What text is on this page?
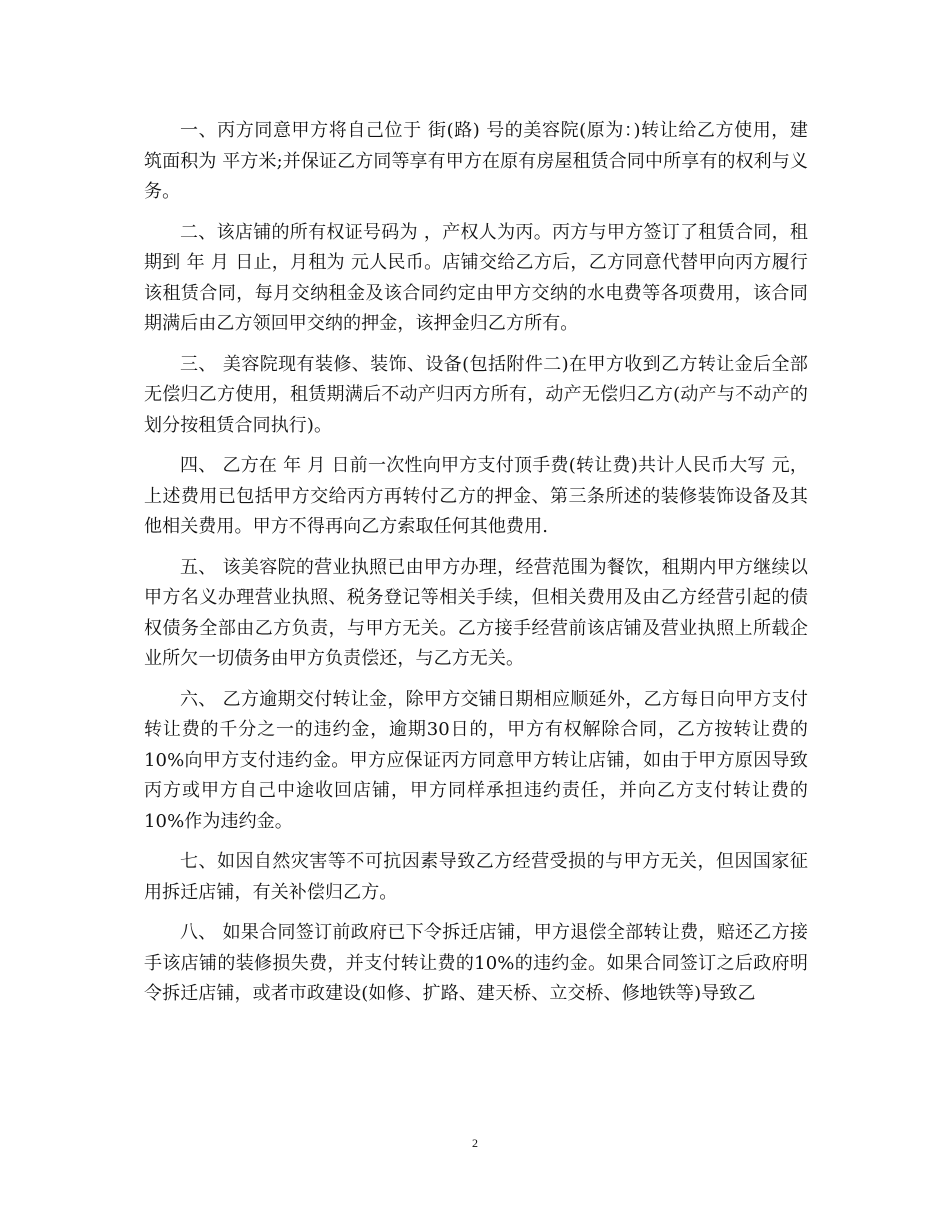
一、丙方同意甲方将自己位于 街(路) 号的美容院(原为：)转让给乙方使用，建筑面积为 平方米;并保证乙方同等享有甲方在原有房屋租赁合同中所享有的权利与义务。

二、该店铺的所有权证号码为 ，产权人为丙。丙方与甲方签订了租赁合同，租期到 年 月 日止，月租为 元人民币。店铺交给乙方后，乙方同意代替甲向丙方履行该租赁合同，每月交纳租金及该合同约定由甲方交纳的水电费等各项费用，该合同期满后由乙方领回甲交纳的押金，该押金归乙方所有。

三、 美容院现有装修、装饰、设备(包括附件二)在甲方收到乙方转让金后全部无偿归乙方使用，租赁期满后不动产归丙方所有，动产无偿归乙方(动产与不动产的划分按租赁合同执行)。

四、 乙方在 年 月 日前一次性向甲方支付顶手费(转让费)共计人民币大写 元，上述费用已包括甲方交给丙方再转付乙方的押金、第三条所述的装修装饰设备及其他相关费用。甲方不得再向乙方索取任何其他费用.

五、 该美容院的营业执照已由甲方办理，经营范围为餐饮，租期内甲方继续以甲方名义办理营业执照、税务登记等相关手续，但相关费用及由乙方经营引起的债权债务全部由乙方负责，与甲方无关。乙方接手经营前该店铺及营业执照上所载企业所欠一切债务由甲方负责偿还，与乙方无关。

六、 乙方逾期交付转让金，除甲方交铺日期相应顺延外，乙方每日向甲方支付转让费的千分之一的违约金，逾期30日的，甲方有权解除合同，乙方按转让费的10%向甲方支付违约金。甲方应保证丙方同意甲方转让店铺，如由于甲方原因导致丙方或甲方自己中途收回店铺，甲方同样承担违约责任，并向乙方支付转让费的10%作为违约金。

七、如因自然灾害等不可抗因素导致乙方经营受损的与甲方无关，但因国家征用拆迁店铺，有关补偿归乙方。

八、 如果合同签订前政府已下令拆迁店铺，甲方退偿全部转让费，赔还乙方接手该店铺的装修损失费，并支付转让费的10%的违约金。如果合同签订之后政府明令拆迁店铺，或者市政建设(如修、扩路、建天桥、立交桥、修地铁等)导致乙

2
